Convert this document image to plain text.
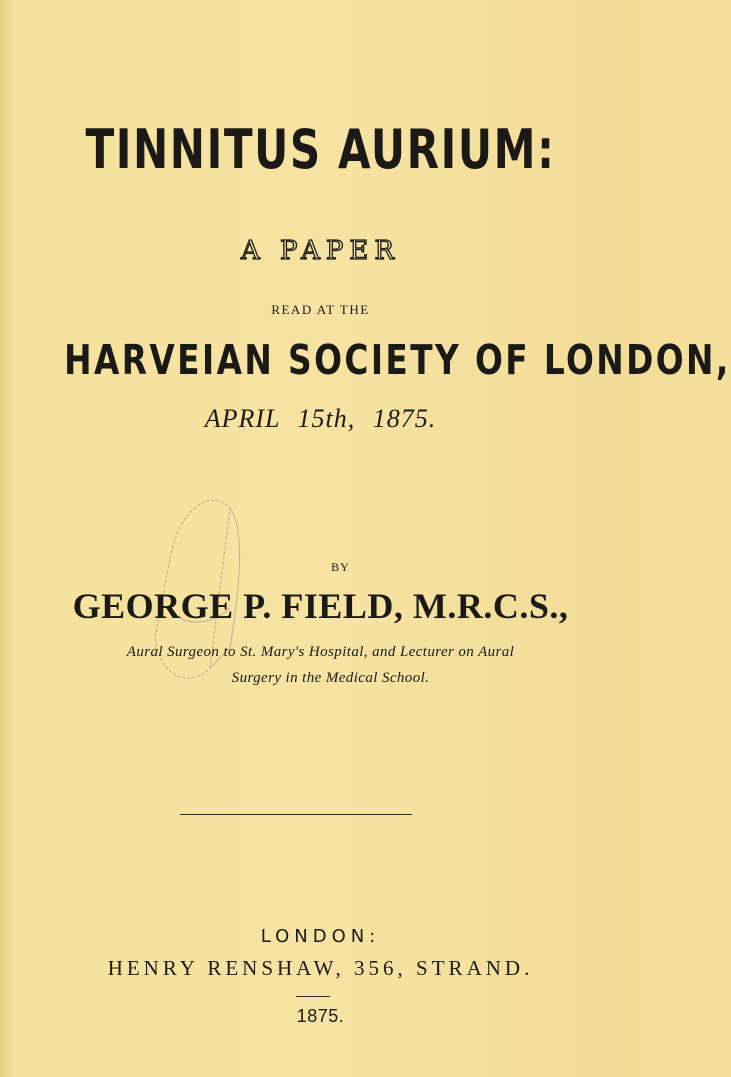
TINNITUS AURIUM:
A PAPER
READ AT THE
HARVEIAN SOCIETY OF LONDON,
APRIL 15th, 1875.
BY
GEORGE P. FIELD, M.R.C.S.,
Aural Surgeon to St. Mary's Hospital, and Lecturer on Aural
Surgery in the Medical School.
LONDON:
HENRY RENSHAW, 356, STRAND.
1875.
